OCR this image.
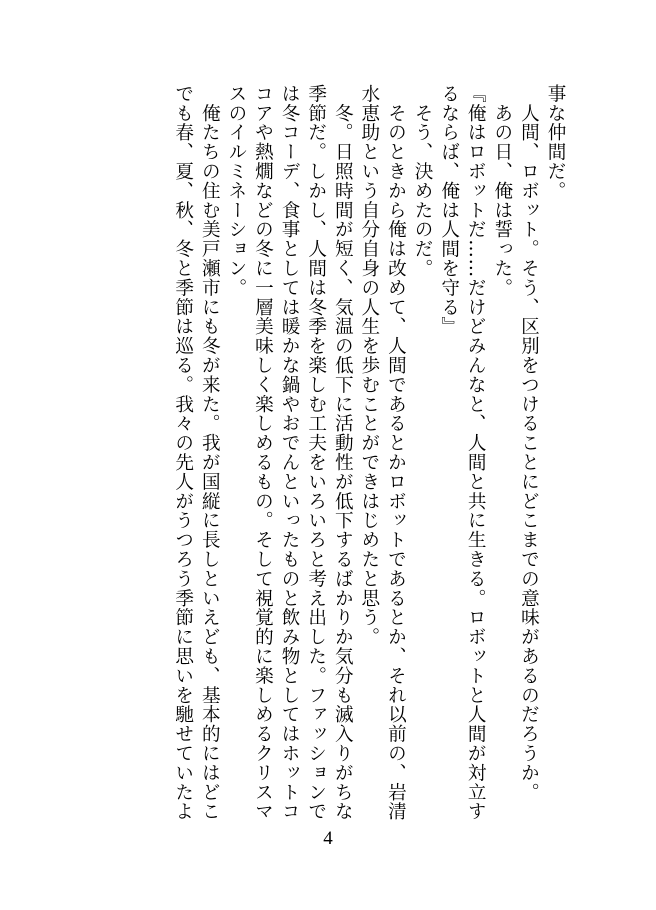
事な仲間だ。
　人間、ロボット。そう、区別をつけることにどこまでの意味があるのだろうか。
　あの日、俺は誓った。
『俺はロボットだ……だけどみんなと、人間と共に生きる。ロボットと人間が対立す
るならば、俺は人間を守る』
　そう、決めたのだ。
　そのときから俺は改めて、人間であるとかロボットであるとか、それ以前の、岩清
水恵助という自分自身の人生を歩むことができはじめたと思う。
　冬。日照時間が短く、気温の低下に活動性が低下するばかりか気分も滅入りがちな
季節だ。しかし、人間は冬季を楽しむ工夫をいろいろと考え出した。ファッションで
は冬コーデ、食事としては暖かな鍋やおでんといったものと飲み物としてはホットコ
コアや熱燗などの冬に一層美味しく楽しめるもの。そして視覚的に楽しめるクリスマ
スのイルミネーション。
　俺たちの住む美戸瀬市にも冬が来た。我が国縦に長しといえども、基本的にはどこ
でも春、夏、秋、冬と季節は巡る。我々の先人がうつろう季節に思いを馳せていたよ
4
